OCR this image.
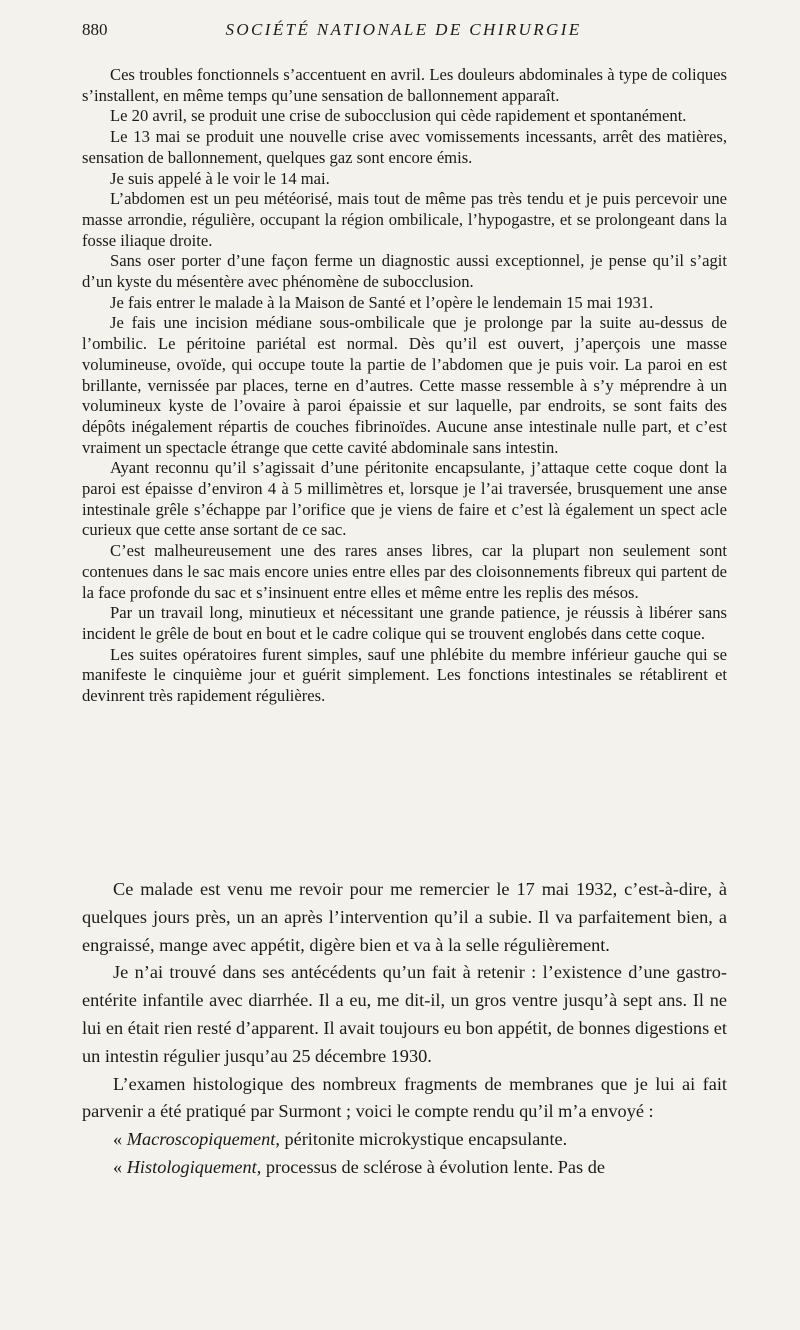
880	SOCIÉTÉ NATIONALE DE CHIRURGIE

Ces troubles fonctionnels s’accentuent en avril. Les douleurs abdominales à type de coliques s’installent, en même temps qu’une sensation de ballonnement apparaît.

Le 20 avril, se produit une crise de subocclusion qui cède rapidement et spontanément.

Le 13 mai se produit une nouvelle crise avec vomissements incessants, arrêt des matières, sensation de ballonnement, quelques gaz sont encore émis.

Je suis appelé à le voir le 14 mai.

L’abdomen est un peu météorisé, mais tout de même pas très tendu et je puis percevoir une masse arrondie, régulière, occupant la région ombilicale, l’hypogastre, et se prolongeant dans la fosse iliaque droite.

Sans oser porter d’une façon ferme un diagnostic aussi exceptionnel, je pense qu’il s’agit d’un kyste du mésentère avec phénomène de subocclusion.

Je fais entrer le malade à la Maison de Santé et l’opère le lendemain 15 mai 1931.

Je fais une incision médiane sous-ombilicale que je prolonge par la suite au-dessus de l’ombilic. Le péritoine pariétal est normal. Dès qu’il est ouvert, j’aperçois une masse volumineuse, ovoïde, qui occupe toute la partie de l’abdomen que je puis voir. La paroi en est brillante, vernissée par places, terne en d’autres. Cette masse ressemble à s’y méprendre à un volumineux kyste de l’ovaire à paroi épaissie et sur laquelle, par endroits, se sont faits des dépôts inégalement répartis de couches fibrinoïdes. Aucune anse intestinale nulle part, et c’est vraiment un spectacle étrange que cette cavité abdominale sans intestin.

Ayant reconnu qu’il s’agissait d’une péritonite encapsulante, j’attaque cette coque dont la paroi est épaisse d’environ 4 à 5 millimètres et, lorsque je l’ai traversée, brusquement une anse intestinale grêle s’échappe par l’orifice que je viens de faire et c’est là également un spect acle curieux que cette anse sortant de ce sac.

C’est malheureusement une des rares anses libres, car la plupart non seulement sont contenues dans le sac mais encore unies entre elles par des cloisonnements fibreux qui partent de la face profonde du sac et s’insinuent entre elles et même entre les replis des mésos.

Par un travail long, minutieux et nécessitant une grande patience, je réussis à libérer sans incident le grêle de bout en bout et le cadre colique qui se trouvent englobés dans cette coque.

Les suites opératoires furent simples, sauf une phlébite du membre inférieur gauche qui se manifeste le cinquième jour et guérit simplement. Les fonctions intestinales se rétablirent et devinrent très rapidement régulières.

Ce malade est venu me revoir pour me remercier le 17 mai 1932, c’est-à-dire, à quelques jours près, un an après l’intervention qu’il a subie. Il va parfaitement bien, a engraissé, mange avec appétit, digère bien et va à la selle régulièrement.

Je n’ai trouvé dans ses antécédents qu’un fait à retenir : l’existence d’une gastro-entérite infantile avec diarrhée. Il a eu, me dit-il, un gros ventre jusqu’à sept ans. Il ne lui en était rien resté d’apparent. Il avait toujours eu bon appétit, de bonnes digestions et un intestin régulier jusqu’au 25 décembre 1930.

L’examen histologique des nombreux fragments de membranes que je lui ai fait parvenir a été pratiqué par Surmont ; voici le compte rendu qu’il m’a envoyé :

« Macroscopiquement, péritonite microkystique encapsulante.

« Histologiquement, processus de sclérose à évolution lente. Pas de
